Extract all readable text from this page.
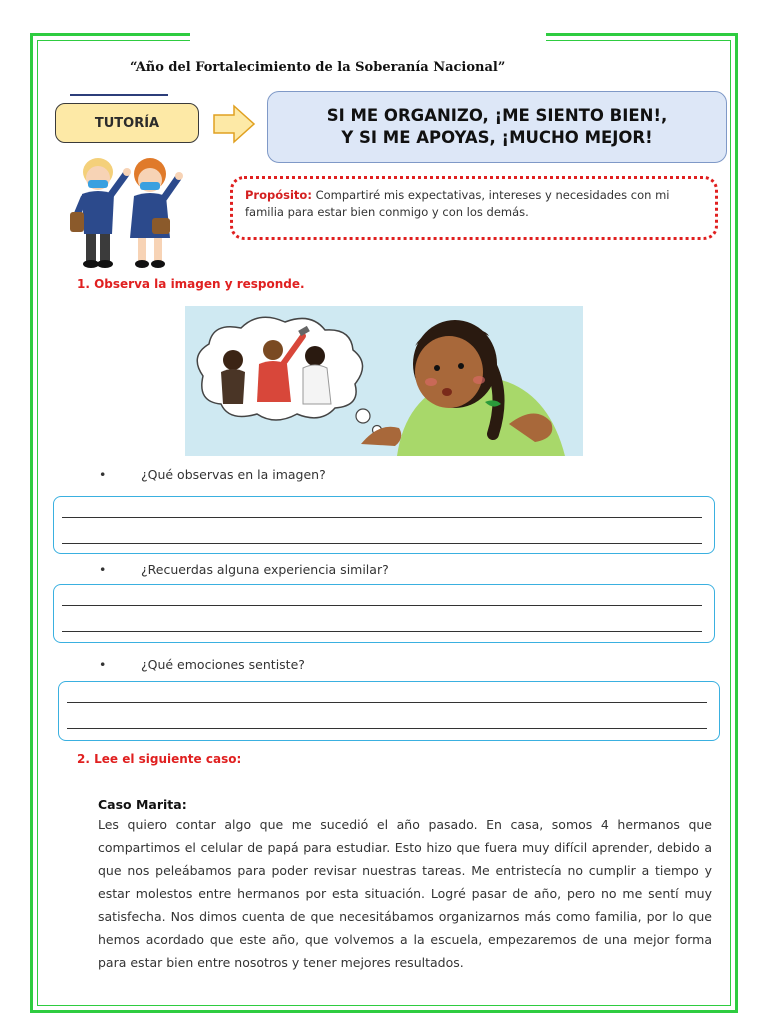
“Año del Fortalecimiento de la Soberanía Nacional”
TUTORÍA	SI ME ORGANIZO, ¡ME SIENTO BIEN!,
Y SI ME APOYAS, ¡MUCHO MEJOR!
Propósito: Compartiré mis expectativas, intereses y necesidades con mi familia para estar bien conmigo y con los demás.
1. Observa la imagen y responde.
•	¿Qué observas en la imagen?
•	¿Recuerdas alguna experiencia similar?
•	¿Qué emociones sentiste?
2. Lee el siguiente caso:
Caso Marita:
Les quiero contar algo que me sucedió el año pasado. En casa, somos 4 hermanos que compartimos el celular de papá para estudiar. Esto hizo que fuera muy difícil aprender, debido a que nos peleábamos para poder revisar nuestras tareas. Me entristecía no cumplir a tiempo y estar molestos entre hermanos por esta situación. Logré pasar de año, pero no me sentí muy satisfecha. Nos dimos cuenta de que necesitábamos organizarnos más como familia, por lo que hemos acordado que este año, que volvemos a la escuela, empezaremos de una mejor forma para estar bien entre nosotros y tener mejores resultados.
